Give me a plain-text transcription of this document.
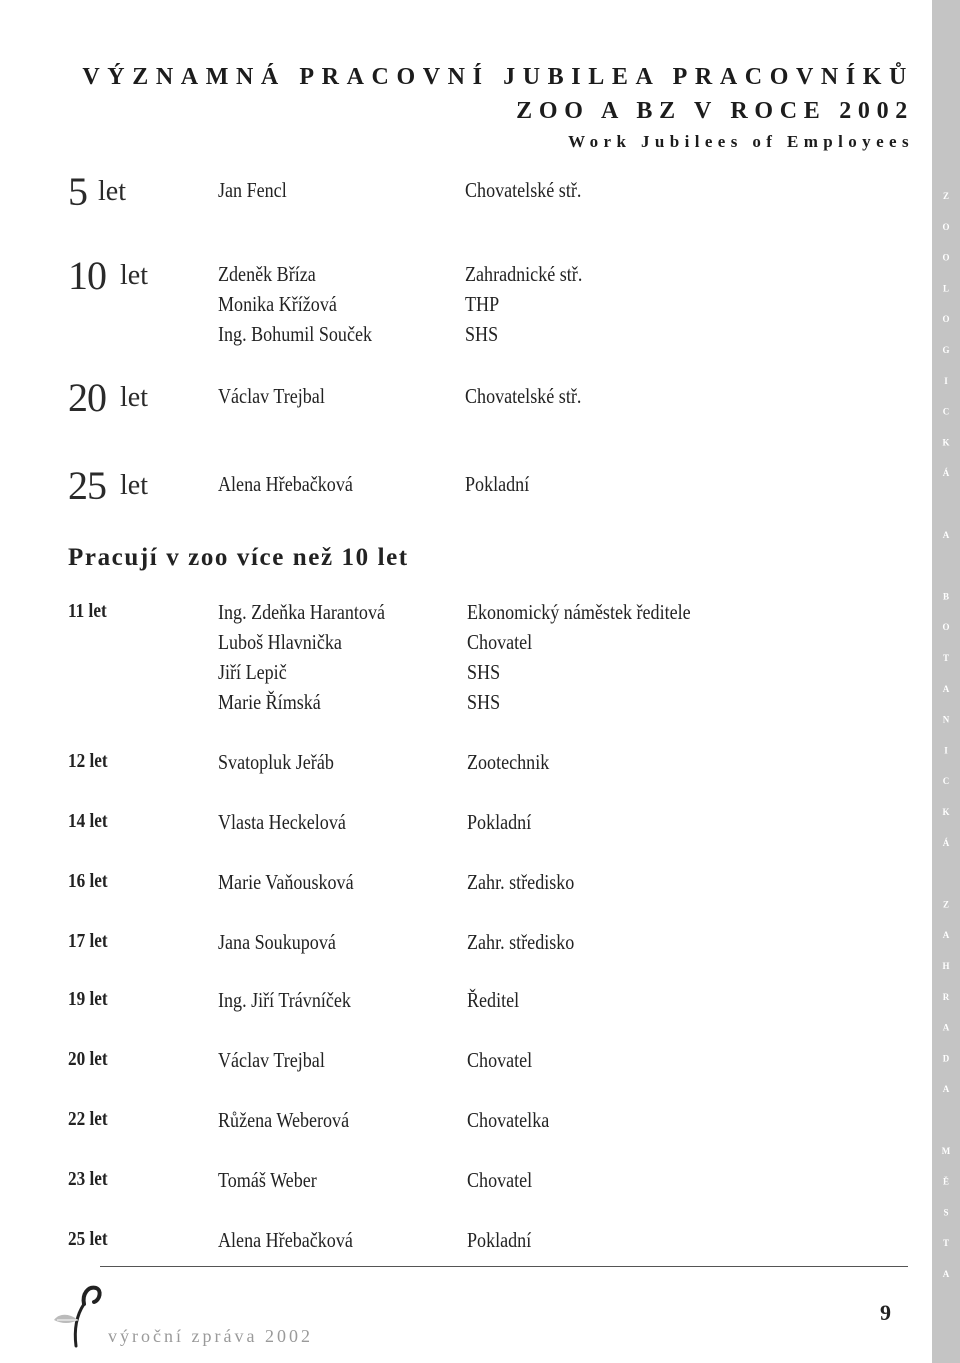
ZOOLOGICKÁ A BOTANICKÁ ZAHRADA MĚSTA PLZNĚ
VÝZNAMNÁ PRACOVNÍ JUBILEA PRACOVNÍKŮ
ZOO A BZ V ROCE 2002
Work Jubilees of Employees
5 let	Jan Fencl	Chovatelské stř.
10 let	Zdeněk Bříza	Zahradnické stř.
Monika Křížová	THP
Ing. Bohumil Souček	SHS
20 let	Václav Trejbal	Chovatelské stř.
25 let	Alena Hřebačková	Pokladní
Pracují v zoo více než 10 let
11 let	Ing. Zdeňka Harantová	Ekonomický náměstek ředitele
Luboš Hlavnička	Chovatel
Jiří Lepič	SHS
Marie Římská	SHS
12 let	Svatopluk Jeřáb	Zootechnik
14 let	Vlasta Heckelová	Pokladní
16 let	Marie Vaňousková	Zahr. středisko
17 let	Jana Soukupová	Zahr. středisko
19 let	Ing. Jiří Trávníček	Ředitel
20 let	Václav Trejbal	Chovatel
22 let	Růžena Weberová	Chovatelka
23 let	Tomáš Weber	Chovatel
25 let	Alena Hřebačková	Pokladní
výroční zpráva 2002
9
